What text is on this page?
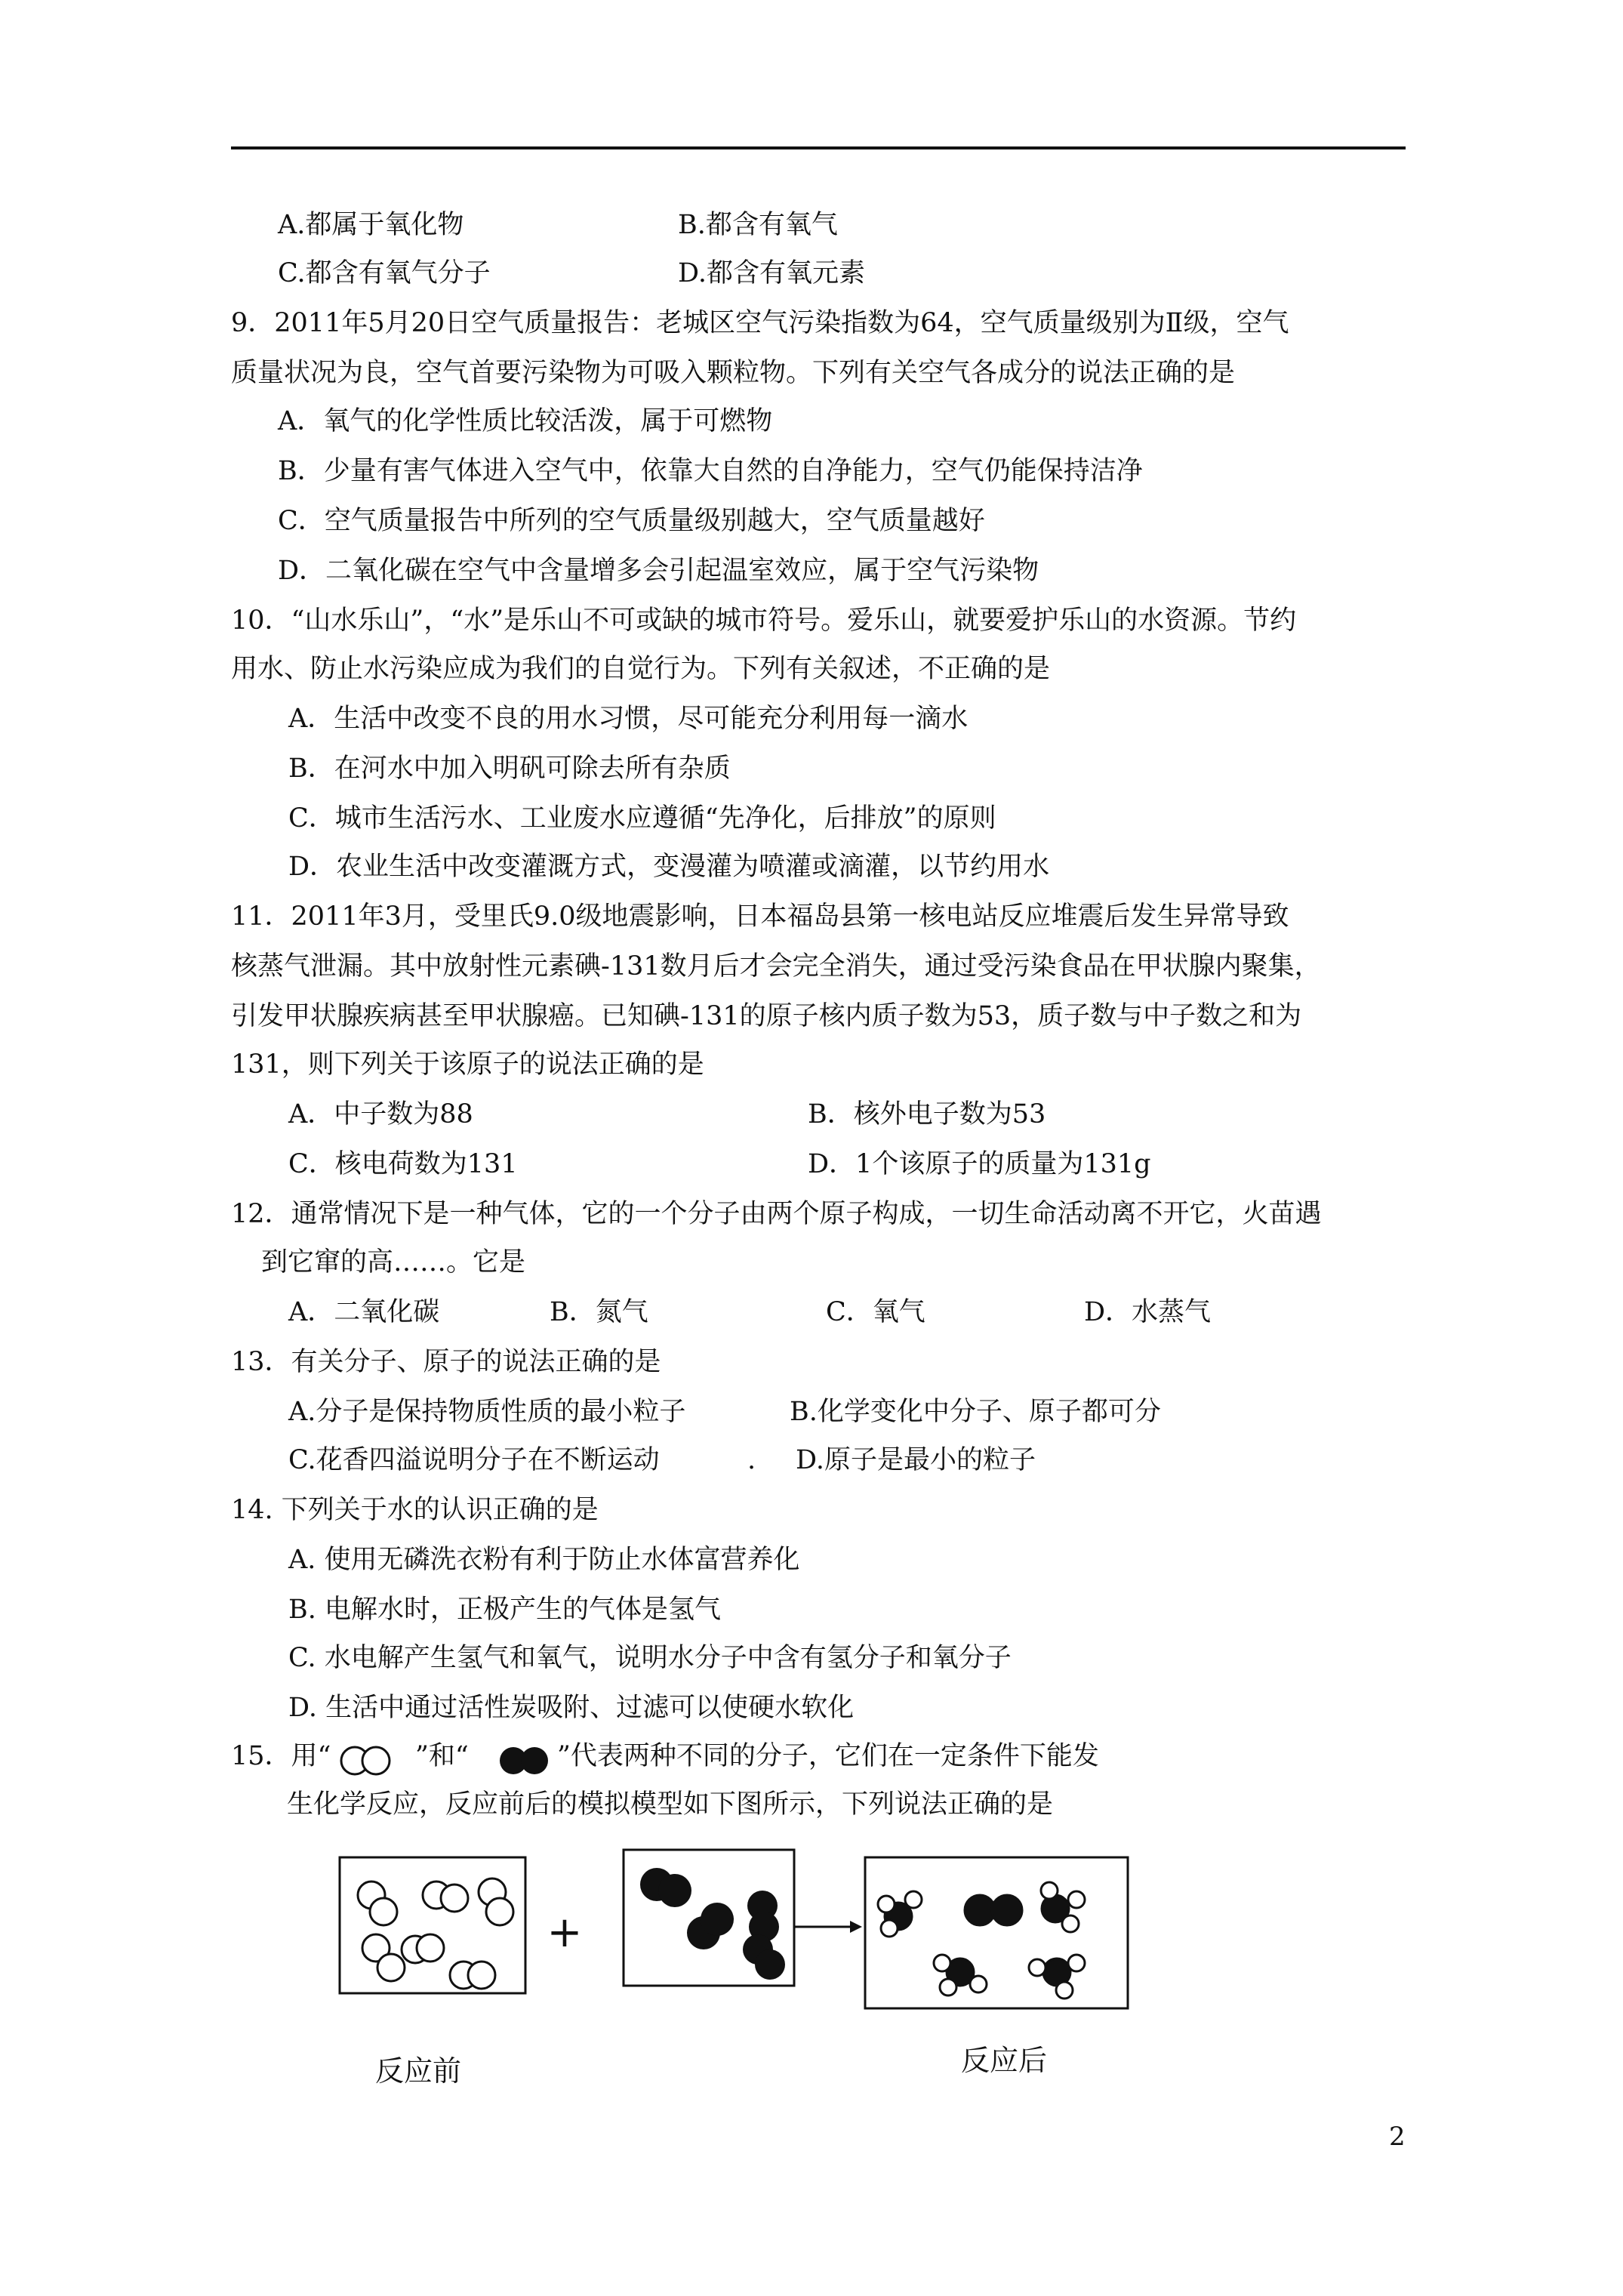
A.都属于氧化物	B.都含有氧气
C.都含有氧气分子	D.都含有氧元素
9．2011年5月20日空气质量报告：老城区空气污染指数为64，空气质量级别为Ⅱ级，空气
质量状况为良，空气首要污染物为可吸入颗粒物。下列有关空气各成分的说法正确的是
A．氧气的化学性质比较活泼，属于可燃物
B．少量有害气体进入空气中，依靠大自然的自净能力，空气仍能保持洁净
C．空气质量报告中所列的空气质量级别越大，空气质量越好
D．二氧化碳在空气中含量增多会引起温室效应，属于空气污染物
10．“山水乐山”，“水”是乐山不可或缺的城市符号。爱乐山，就要爱护乐山的水资源。节约
用水、防止水污染应成为我们的自觉行为。下列有关叙述，不正确的是
A．生活中改变不良的用水习惯，尽可能充分利用每一滴水
B．在河水中加入明矾可除去所有杂质
C．城市生活污水、工业废水应遵循“先净化，后排放”的原则
D．农业生活中改变灌溉方式，变漫灌为喷灌或滴灌，以节约用水
11．2011年3月，受里氏9.0级地震影响，日本福岛县第一核电站反应堆震后发生异常导致
核蒸气泄漏。其中放射性元素碘-131数月后才会完全消失，通过受污染食品在甲状腺内聚集，
引发甲状腺疾病甚至甲状腺癌。已知碘-131的原子核内质子数为53，质子数与中子数之和为
131，则下列关于该原子的说法正确的是
A．中子数为88	B．核外电子数为53
C．核电荷数为131	D．1个该原子的质量为131g
12．通常情况下是一种气体，它的一个分子由两个原子构成，一切生命活动离不开它，火苗遇
到它窜的高……。它是
A．二氧化碳	B．氮气	C．氧气	D．水蒸气
13．有关分子、原子的说法正确的是
A.分子是保持物质性质的最小粒子	B.化学变化中分子、原子都可分
C.花香四溢说明分子在不断运动	. D.原子是最小的粒子
14. 下列关于水的认识正确的是
A. 使用无磷洗衣粉有利于防止水体富营养化
B. 电解水时，正极产生的气体是氢气
C. 水电解产生氢气和氧气，说明水分子中含有氢分子和氧分子
D. 生活中通过活性炭吸附、过滤可以使硬水软化
15．用“	”和“	”代表两种不同的分子，它们在一定条件下能发
生化学反应，反应前后的模拟模型如下图所示，下列说法正确的是
+
反应前	反应后
2
